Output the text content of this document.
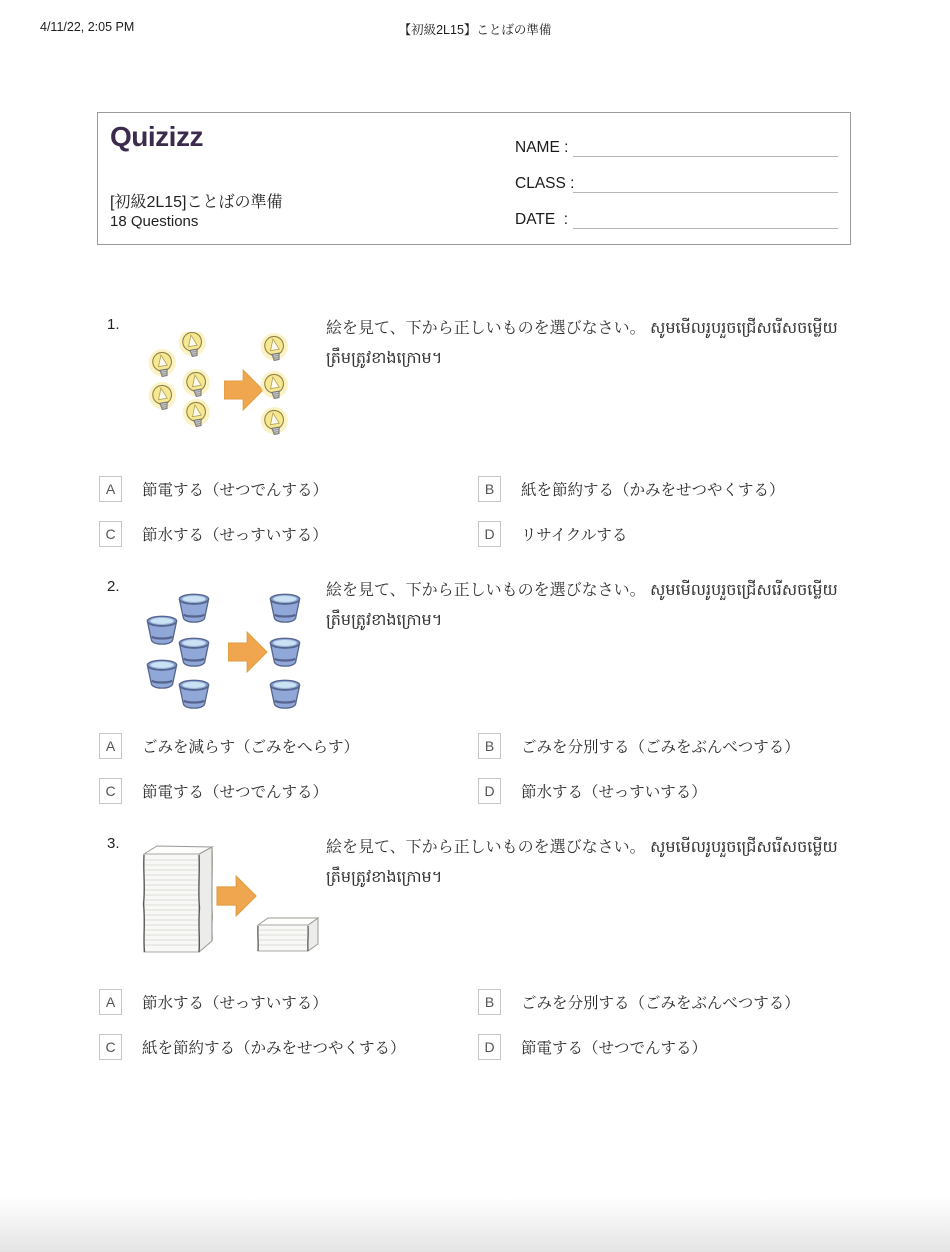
4/11/22, 2:05 PM	【初級2L15】ことばの準備
Quizizz
[初級2L15]ことばの準備
18 Questions
NAME :
CLASS :
DATE  :
1.	絵を見て、下から正しいものを選びなさい。 សូមមើលរូបរួចជ្រើសរើសចម្លើយត្រឹមត្រូវខាងក្រោម។
A	節電する（せつでんする）	B	紙を節約する（かみをせつやくする）
C	節水する（せっすいする）	D	リサイクルする
2.	絵を見て、下から正しいものを選びなさい。 សូមមើលរូបរួចជ្រើសរើសចម្លើយត្រឹមត្រូវខាងក្រោម។
A	ごみを減らす（ごみをへらす）	B	ごみを分別する（ごみをぶんべつする）
C	節電する（せつでんする）	D	節水する（せっすいする）
3.	絵を見て、下から正しいものを選びなさい。 សូមមើលរូបរួចជ្រើសរើសចម្លើយត្រឹមត្រូវខាងក្រោម។
A	節水する（せっすいする）	B	ごみを分別する（ごみをぶんべつする）
C	紙を節約する（かみをせつやくする）	D	節電する（せつでんする）
